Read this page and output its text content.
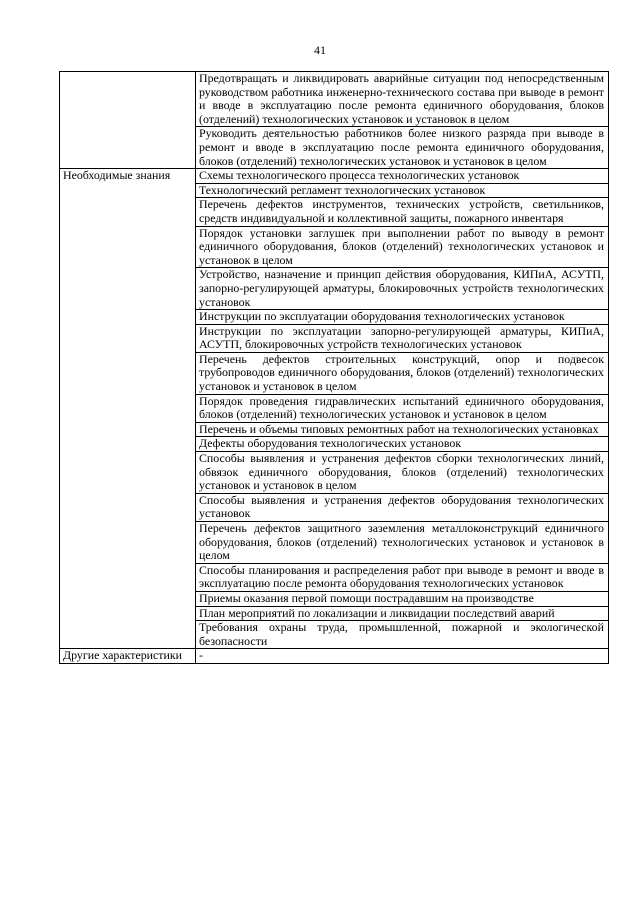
41
	Предотвращать и ликвидировать аварийные ситуации под непосредственным руководством работника инженерно-технического состава при выводе в ремонт и вводе в эксплуатацию после ремонта единичного оборудования, блоков (отделений) технологических установок и установок в целом
	Руководить деятельностью работников более низкого разряда при выводе в ремонт и вводе в эксплуатацию после ремонта единичного оборудования, блоков (отделений) технологических установок и установок в целом
Необходимые знания	Схемы технологического процесса технологических установок
	Технологический регламент технологических установок
	Перечень дефектов инструментов, технических устройств, светильников, средств индивидуальной и коллективной защиты, пожарного инвентаря
	Порядок установки заглушек при выполнении работ по выводу в ремонт единичного оборудования, блоков (отделений) технологических установок и установок в целом
	Устройство, назначение и принцип действия оборудования, КИПиА, АСУТП, запорно-регулирующей арматуры, блокировочных устройств технологических установок
	Инструкции по эксплуатации оборудования технологических установок
	Инструкции по эксплуатации запорно-регулирующей арматуры, КИПиА, АСУТП, блокировочных устройств технологических установок
	Перечень дефектов строительных конструкций, опор и подвесок трубопроводов единичного оборудования, блоков (отделений) технологических установок и установок в целом
	Порядок проведения гидравлических испытаний единичного оборудования, блоков (отделений) технологических установок и установок в целом
	Перечень и объемы типовых ремонтных работ на технологических установках
	Дефекты оборудования технологических установок
	Способы выявления и устранения дефектов сборки технологических линий, обвязок единичного оборудования, блоков (отделений) технологических установок и установок в целом
	Способы выявления и устранения дефектов оборудования технологических установок
	Перечень дефектов защитного заземления металлоконструкций единичного оборудования, блоков (отделений) технологических установок и установок в целом
	Способы планирования и распределения работ при выводе в ремонт и вводе в эксплуатацию после ремонта оборудования технологических установок
	Приемы оказания первой помощи пострадавшим на производстве
	План мероприятий по локализации и ликвидации последствий аварий
	Требования охраны труда, промышленной, пожарной и экологической безопасности
Другие характеристики	-
